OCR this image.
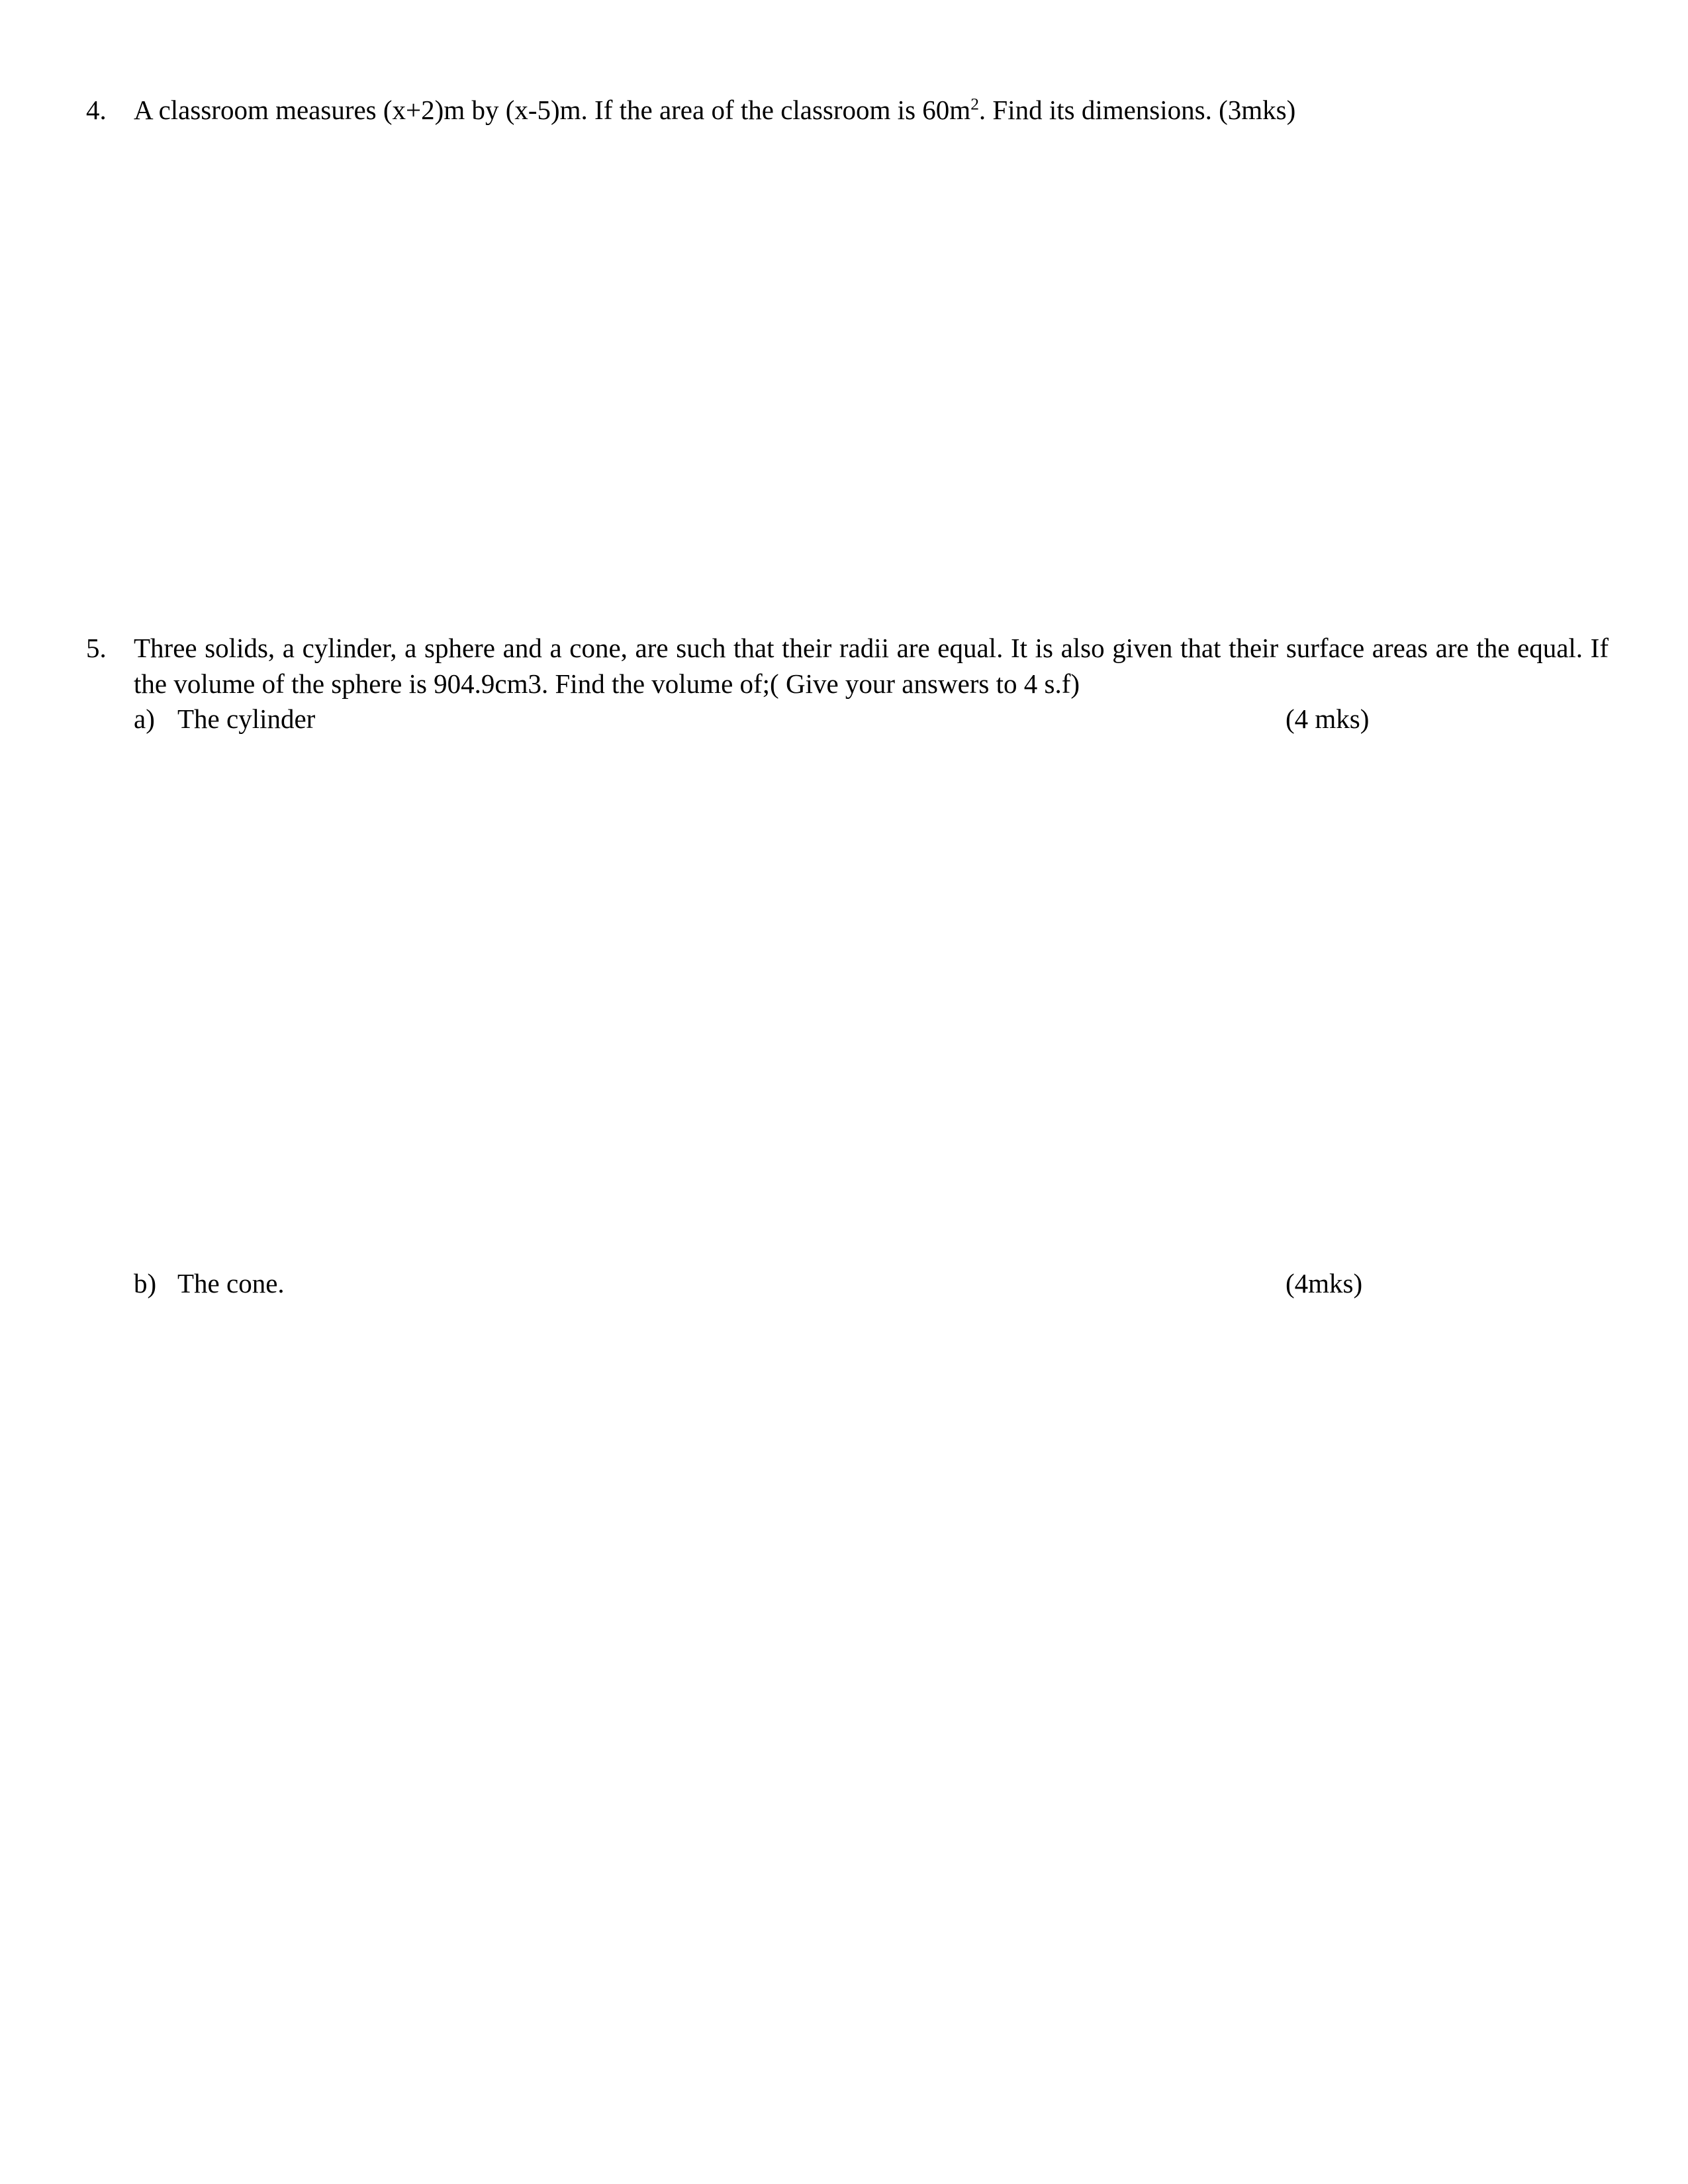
4.	A classroom measures (x+2)m by (x-5)m. If the area of the classroom is $60m^2$. Find its dimensions. (3mks)
5.	Three solids, a cylinder, a sphere and a cone, are such that their radii are equal. It is also given that their surface areas are the equal. If the volume of the sphere is 904.9cm3. Find the volume of;( Give your answers to 4 s.f)
a) The cylinder	(4 mks)
b) The cone.	(4mks)
